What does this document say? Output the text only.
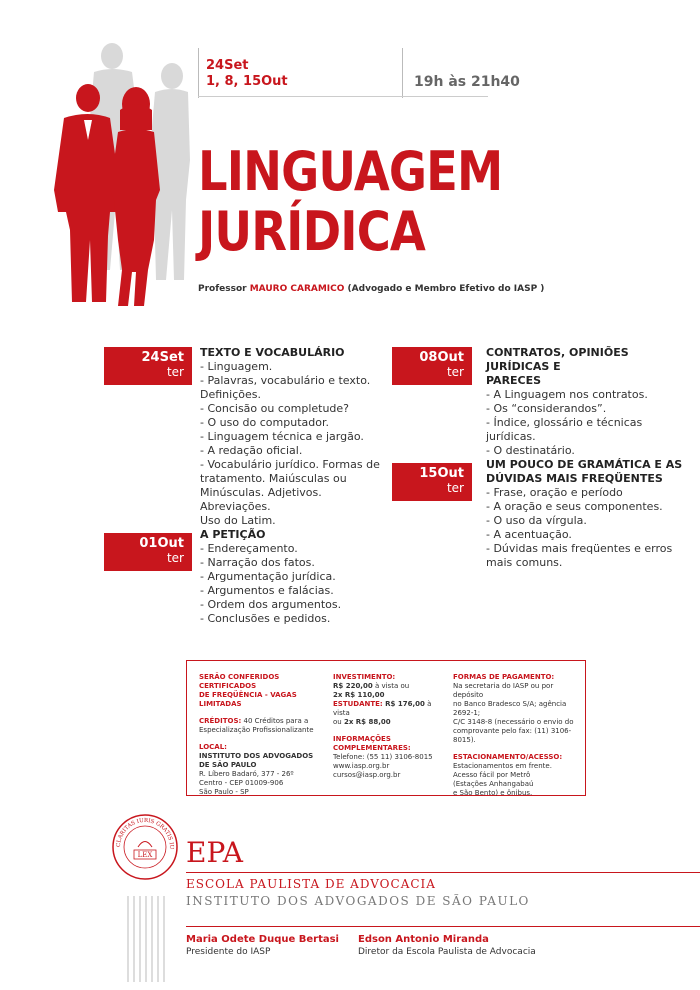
24Set
1, 8, 15Out	19h às 21h40
LINGUAGEM
JURÍDICA
Professor MAURO CARAMICO (Advogado e Membro Efetivo do IASP )
24Set
ter
TEXTO E VOCABULÁRIO
- Linguagem.
- Palavras, vocabulário e texto.
Definições.
- Concisão ou completude?
- O uso do computador.
- Linguagem técnica e jargão.
- A redação oficial.
- Vocabulário jurídico. Formas de
tratamento. Maiúsculas ou
Minúsculas. Adjetivos. Abreviações.
Uso do Latim.
01Out
ter
A PETIÇÃO
- Endereçamento.
- Narração dos fatos.
- Argumentação jurídica.
- Argumentos e falácias.
- Ordem dos argumentos.
- Conclusões e pedidos.
08Out
ter
CONTRATOS, OPINIÕES JURÍDICAS E
PARECES
- A Linguagem nos contratos.
- Os “considerandos”.
- Índice, glossário e técnicas
jurídicas.
- O destinatário.
15Out
ter
UM POUCO DE GRAMÁTICA E AS
DÚVIDAS MAIS FREQÜENTES
- Frase, oração e período
- A oração e seus componentes.
- O uso da vírgula.
- A acentuação.
- Dúvidas mais freqüentes e erros
mais comuns.
SERÃO CONFERIDOS CERTIFICADOS
DE FREQÜÊNCIA - VAGAS LIMITADAS
CRÉDITOS: 40 Créditos para a
Especialização Profissionalizante
LOCAL:
INSTITUTO DOS ADVOGADOS
DE SÃO PAULO
R. Líbero Badaró, 377 - 26º
Centro - CEP 01009-906
São Paulo - SP
INVESTIMENTO:
R$ 220,00 à vista ou
2x R$ 110,00
ESTUDANTE: R$ 176,00 à vista
ou 2x R$ 88,00
INFORMAÇÕES
COMPLEMENTARES:
Telefone: (55 11) 3106-8015
www.iasp.org.br
cursos@iasp.org.br
FORMAS DE PAGAMENTO:
Na secretaria do IASP ou por depósito
no Banco Bradesco S/A; agência 2692-1;
C/C 3148-8 (necessário o envio do
comprovante pelo fax: (11) 3106-8015).
ESTACIONAMENTO/ACESSO:
Estacionamentos em frente.
Acesso fácil por Metrô
(Estações Anhangabaú
e São Bento) e ônibus.
CLARITAS IURIS GRATIS IU
LEX EPA
ESCOLA PAULISTA DE ADVOCACIA
INSTITUTO DOS ADVOGADOS DE SÃO PAULO
Maria Odete Duque Bertasi
Presidente do IASP
Edson Antonio Miranda
Diretor da Escola Paulista de Advocacia
